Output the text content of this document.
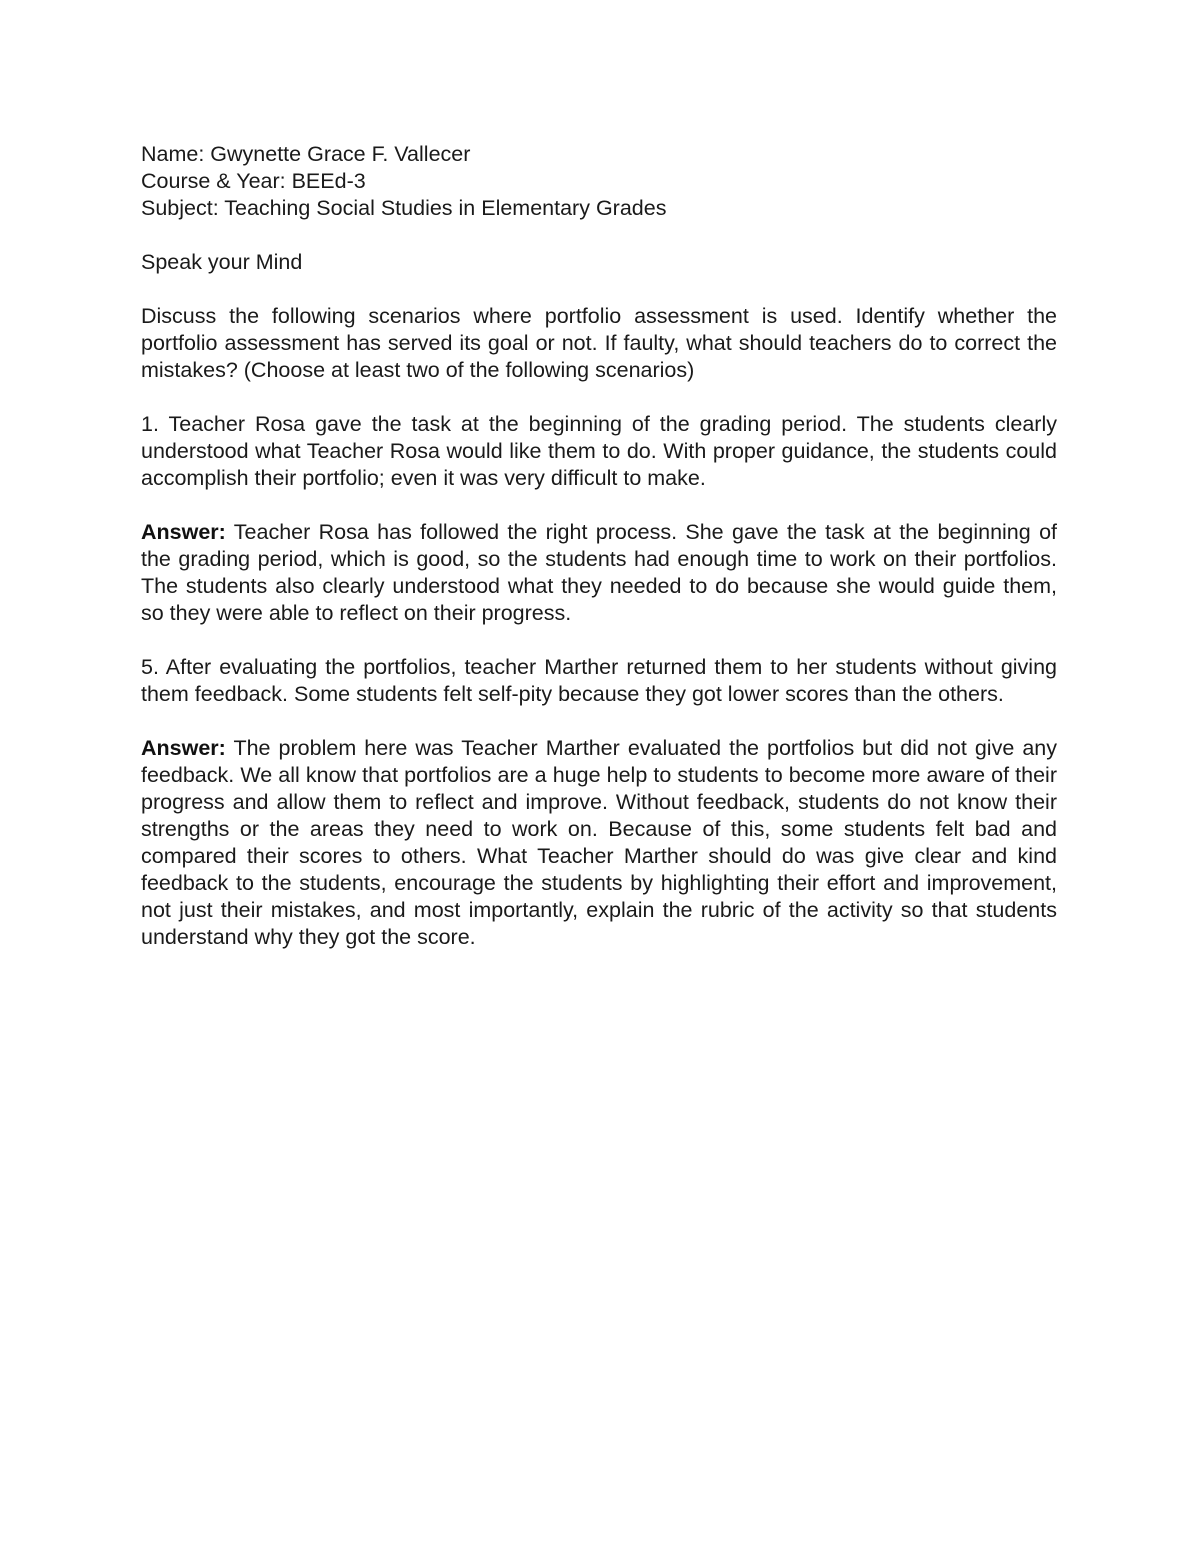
Name: Gwynette Grace F. Vallecer

Course & Year: BEEd-3

Subject: Teaching Social Studies in Elementary Grades

Speak your Mind

Discuss the following scenarios where portfolio assessment is used. Identify whether the portfolio assessment has served its goal or not. If faulty, what should teachers do to correct the mistakes? (Choose at least two of the following scenarios)

1. Teacher Rosa gave the task at the beginning of the grading period. The students clearly understood what Teacher Rosa would like them to do. With proper guidance, the students could accomplish their portfolio; even it was very difficult to make.

Answer: Teacher Rosa has followed the right process. She gave the task at the beginning of the grading period, which is good, so the students had enough time to work on their portfolios. The students also clearly understood what they needed to do because she would guide them, so they were able to reflect on their progress.

5. After evaluating the portfolios, teacher Marther returned them to her students without giving them feedback. Some students felt self-pity because they got lower scores than the others.

Answer: The problem here was Teacher Marther evaluated the portfolios but did not give any feedback. We all know that portfolios are a huge help to students to become more aware of their progress and allow them to reflect and improve. Without feedback, students do not know their strengths or the areas they need to work on. Because of this, some students felt bad and compared their scores to others. What Teacher Marther should do was give clear and kind feedback to the students, encourage the students by highlighting their effort and improvement, not just their mistakes, and most importantly, explain the rubric of the activity so that students understand why they got the score.
